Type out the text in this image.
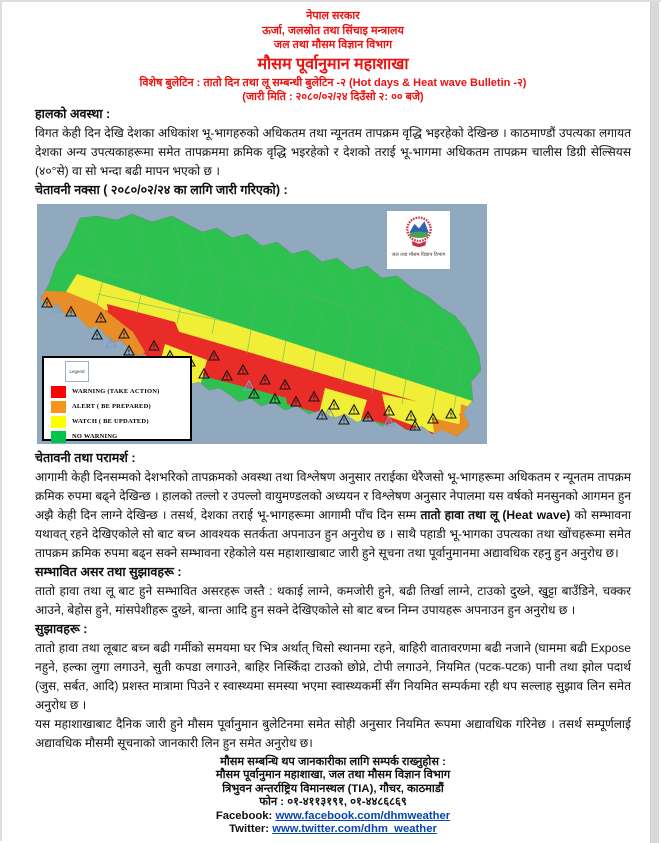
नेपाल सरकार
ऊर्जा, जलस्रोत तथा सिंचाइ मन्त्रालय
जल तथा मौसम विज्ञान विभाग
मौसम पूर्वानुमान महाशाखा
विशेष बुलेटिन : तातो दिन तथा लू सम्बन्धी बुलेटिन -२ (Hot days & Heat wave Bulletin -२)
(जारी मिति : २०८०/०२/२४ दिउँसो २: ०० बजे)
हालको अवस्था :

विगत केही दिन देखि देशका अधिकांश भू-भागहरुको अधिकतम तथा न्यूनतम तापक्रम वृद्धि भइरहेको देखिन्छ । काठमाण्डौं उपत्यका लगायत देशका अन्य उपत्यकाहरूमा समेत तापक्रममा क्रमिक वृद्धि भइरहेको र देशको तराई भू-भागमा अधिकतम तापक्रम चालीस डिग्री सेल्सियस (४०°से) वा सो भन्दा बढी मापन भएको छ ।

चेतावनी नक्सा ( २०८०/०२/२४ का लागि जारी गरिएको) :
जल तथा मौसम विज्ञान विभाग
Legend
WARNING (TAKE ACTION)
ALERT ( BE PREPARED)
WATCH ( BE UPDATED)
NO WARNING
चेतावनी तथा परामर्श :

आगामी केही दिनसम्मको देशभरिको तापक्रमको अवस्था तथा विश्लेषण अनुसार तराईका धेरैजसो भू-भागहरूमा अधिकतम र न्यूनतम तापक्रम क्रमिक रुपमा बढ्ने देखिन्छ । हालको तल्लो र उपल्लो वायुमण्डलको अध्ययन र विश्लेषण अनुसार नेपालमा यस वर्षको मनसुनको आगमन हुन अझै केही दिन लाग्ने देखिन्छ । तसर्थ, देशका तराई भू-भागहरूमा आगामी पाँच दिन सम्म तातो हावा तथा लू (Heat wave) को सम्भावना यथावत् रहने देखिएकोले सो बाट बच्न आवश्यक सतर्कता अपनाउन हुन अनुरोध छ । साथै पहाडी भू-भागका उपत्यका तथा खोंचहरूमा समेत तापक्रम क्रमिक रुपमा बढ्न सक्ने सम्भावना रहेकोले यस महाशाखाबाट जारी हुने सूचना तथा पूर्वानुमानमा अद्यावधिक रहनु हुन अनुरोध छ।

सम्भावित असर तथा सुझावहरू :

तातो हावा तथा लू बाट हुने सम्भावित असरहरू जस्तै : थकाई लाग्ने, कमजोरी हुने, बढी तिर्खा लाग्ने, टाउको दुख्ने, खुट्टा बाउँडिने, चक्कर आउने, बेहोस हुने, मांसपेशीहरू दुख्ने, बान्ता आदि हुन सक्ने देखिएकोले सो बाट बच्न निम्न उपायहरू अपनाउन हुन अनुरोध छ ।

सुझावहरू :

तातो हावा तथा लूबाट बच्न बढी गर्मीको समयमा घर भित्र अर्थात् चिसो स्थानमा रहने, बाहिरी वातावरणमा बढी नजाने (घाममा बढी Expose नहुने, हल्का लुगा लगाउने, सुती कपडा लगाउने, बाहिर निस्किँदा टाउको छोप्ने, टोपी लगाउने, नियमित (पटक-पटक) पानी तथा झोल पदार्थ (जुस, सर्बत, आदि) प्रशस्त मात्रामा पिउने र स्वास्थ्यमा समस्या भएमा स्वास्थ्यकर्मी सँग नियमित सम्पर्कमा रही थप सल्लाह सुझाव लिन समेत अनुरोध छ ।

यस महाशाखाबाट दैनिक जारी हुने मौसम पूर्वानुमान बुलेटिनमा समेत सोही अनुसार नियमित रूपमा अद्यावधिक गरिनेछ । तसर्थ सम्पूर्णलाई अद्यावधिक मौसमी सूचनाको जानकारी लिन हुन समेत अनुरोध छ।

मौसम सम्बन्धि थप जानकारीका लागि सम्पर्क राख्नुहोस :
मौसम पूर्वानुमान महाशाखा, जल तथा मौसम विज्ञान विभाग
त्रिभुवन अन्तर्राष्ट्रिय विमानस्थल (TIA), गौचर, काठमाडौं
फोन : ०१-४११३१९१, ०१-४४८६८६९
Facebook: www.facebook.com/dhmweather
Twitter: www.twitter.com/dhm_weather
